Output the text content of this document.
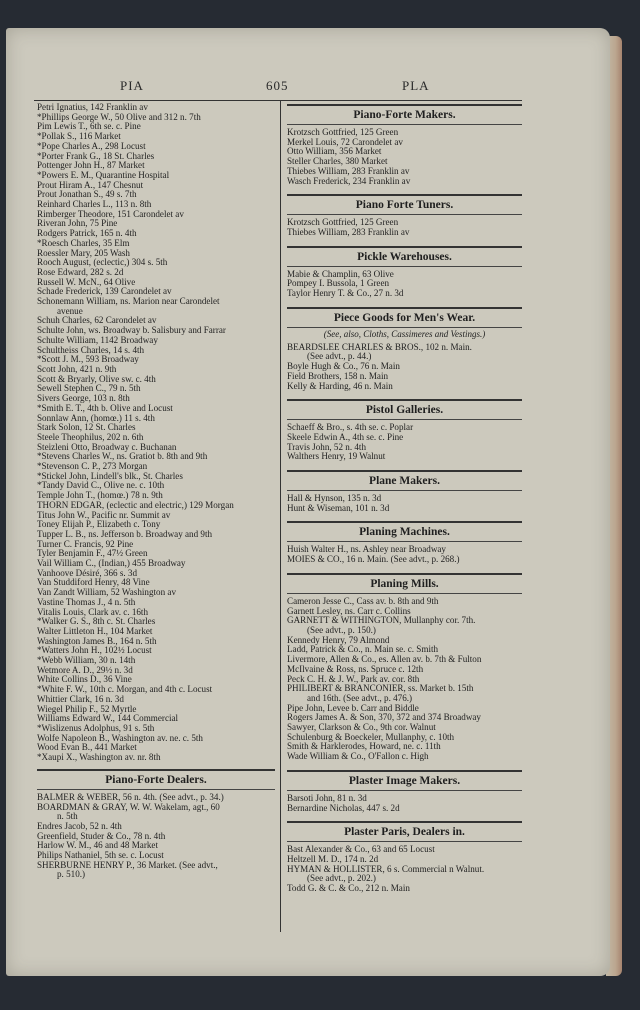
PIA	605	PLA
Petri Ignatius, 142 Franklin av
*Phillips George W., 50 Olive and 312 n. 7th
Pim Lewis T., 6th se. c. Pine
*Pollak S., 116 Market
*Pope Charles A., 298 Locust
*Porter Frank G., 18 St. Charles
Pottenger John H., 87 Market
*Powers E. M., Quarantine Hospital
Prout Hiram A., 147 Chesnut
Prout Jonathan S., 49 s. 7th
Reinhard Charles L., 113 n. 8th
Rimberger Theodore, 151 Carondelet av
Riveran John, 75 Pine
Rodgers Patrick, 165 n. 4th
*Roesch Charles, 35 Elm
Roessler Mary, 205 Wash
Rooch August, (eclectic,) 304 s. 5th
Rose Edward, 282 s. 2d
Russell W. McN., 64 Olive
Schade Frederick, 139 Carondelet av
Schonemann William, ns. Marion near Carondelet
avenue
Schuh Charles, 62 Carondelet av
Schulte John, ws. Broadway b. Salisbury and Farrar
Schulte William, 1142 Broadway
Schultheiss Charles, 14 s. 4th
*Scott J. M., 593 Broadway
Scott John, 421 n. 9th
Scott & Bryarly, Olive sw. c. 4th
Sewell Stephen C., 79 n. 5th
Sivers George, 103 n. 8th
*Smith E. T., 4th b. Olive and Locust
Sonnlaw Ann, (homœ.) 11 s. 4th
Stark Solon, 12 St. Charles
Steele Theophilus, 202 n. 6th
Steizleni Otto, Broadway c. Buchanan
*Stevens Charles W., ns. Gratiot b. 8th and 9th
*Stevenson C. P., 273 Morgan
*Stickel John, Lindell's blk., St. Charles
*Tandy David C., Olive ne. c. 10th
Temple John T., (homœ.) 78 n. 9th
THORN EDGAR, (eclectic and electric,) 129 Morgan
Titus John W., Pacific nr. Summit av
Toney Elijah P., Elizabeth c. Tony
Tupper L. B., ns. Jefferson b. Broadway and 9th
Turner C. Francis, 92 Pine
Tyler Benjamin F., 47½ Green
Vail William C., (Indian,) 455 Broadway
Vanhoove Désiré, 366 s. 3d
Van Studdiford Henry, 48 Vine
Van Zandt William, 52 Washington av
Vastine Thomas J., 4 n. 5th
Vitalis Louis, Clark av. c. 16th
*Walker G. S., 8th c. St. Charles
Walter Littleton H., 104 Market
Washington James B., 164 n. 5th
*Watters John H., 102½ Locust
*Webb William, 30 n. 14th
Wetmore A. D., 29½ n. 3d
White Collins D., 36 Vine
*White F. W., 10th c. Morgan, and 4th c. Locust
Whittier Clark, 16 n. 3d
Wiegel Philip F., 52 Myrtle
Williams Edward W., 144 Commercial
*Wislizenus Adolphus, 91 s. 5th
Wolfe Napoleon B., Washington av. ne. c. 5th
Wood Evan B., 441 Market
*Xaupi X., Washington av. nr. 8th
Piano-Forte Dealers.
BALMER & WEBER, 56 n. 4th. (See advt., p. 34.)
BOARDMAN & GRAY, W. W. Wakelam, agt., 60
n. 5th
Endres Jacob, 52 n. 4th
Greenfield, Studer & Co., 78 n. 4th
Harlow W. M., 46 and 48 Market
Philips Nathaniel, 5th se. c. Locust
SHERBURNE HENRY P., 36 Market. (See advt.,
p. 510.)
Piano-Forte Makers.
Krotzsch Gottfried, 125 Green
Merkel Louis, 72 Carondelet av
Otto William, 356 Market
Steller Charles, 380 Market
Thiebes William, 283 Franklin av
Wasch Frederick, 234 Franklin av
Piano Forte Tuners.
Krotzsch Gottfried, 125 Green
Thiebes William, 283 Franklin av
Pickle Warehouses.
Mabie & Champlin, 63 Olive
Pompey I. Bussola, 1 Green
Taylor Henry T. & Co., 27 n. 3d
Piece Goods for Men's Wear.
(See, also, Cloths, Cassimeres and Vestings.)
BEARDSLEE CHARLES & BROS., 102 n. Main.
(See advt., p. 44.)
Boyle Hugh & Co., 76 n. Main
Field Brothers, 158 n. Main
Kelly & Harding, 46 n. Main
Pistol Galleries.
Schaeff & Bro., s. 4th se. c. Poplar
Skeele Edwin A., 4th se. c. Pine
Travis John, 52 n. 4th
Walthers Henry, 19 Walnut
Plane Makers.
Hall & Hynson, 135 n. 3d
Hunt & Wiseman, 101 n. 3d
Planing Machines.
Huish Walter H., ns. Ashley near Broadway
MOIES & CO., 16 n. Main. (See advt., p. 268.)
Planing Mills.
Cameron Jesse C., Cass av. b. 8th and 9th
Garnett Lesley, ns. Carr c. Collins
GARNETT & WITHINGTON, Mullanphy cor. 7th.
(See advt., p. 150.)
Kennedy Henry, 79 Almond
Ladd, Patrick & Co., n. Main se. c. Smith
Livermore, Allen & Co., es. Allen av. b. 7th & Fulton
McIlvaine & Ross, ns. Spruce c. 12th
Peck C. H. & J. W., Park av. cor. 8th
PHILIBERT & BRANCONIER, ss. Market b. 15th
and 16th. (See advt., p. 476.)
Pipe John, Levee b. Carr and Biddle
Rogers James A. & Son, 370, 372 and 374 Broadway
Sawyer, Clarkson & Co., 9th cor. Walnut
Schulenburg & Boeckeler, Mullanphy, c. 10th
Smith & Harklerodes, Howard, ne. c. 11th
Wade William & Co., O'Fallon c. High
Plaster Image Makers.
Barsoti John, 81 n. 3d
Bernardine Nicholas, 447 s. 2d
Plaster Paris, Dealers in.
Bast Alexander & Co., 63 and 65 Locust
Heltzell M. D., 174 n. 2d
HYMAN & HOLLISTER, 6 s. Commercial n Walnut.
(See advt., p. 202.)
Todd G. & C. & Co., 212 n. Main
